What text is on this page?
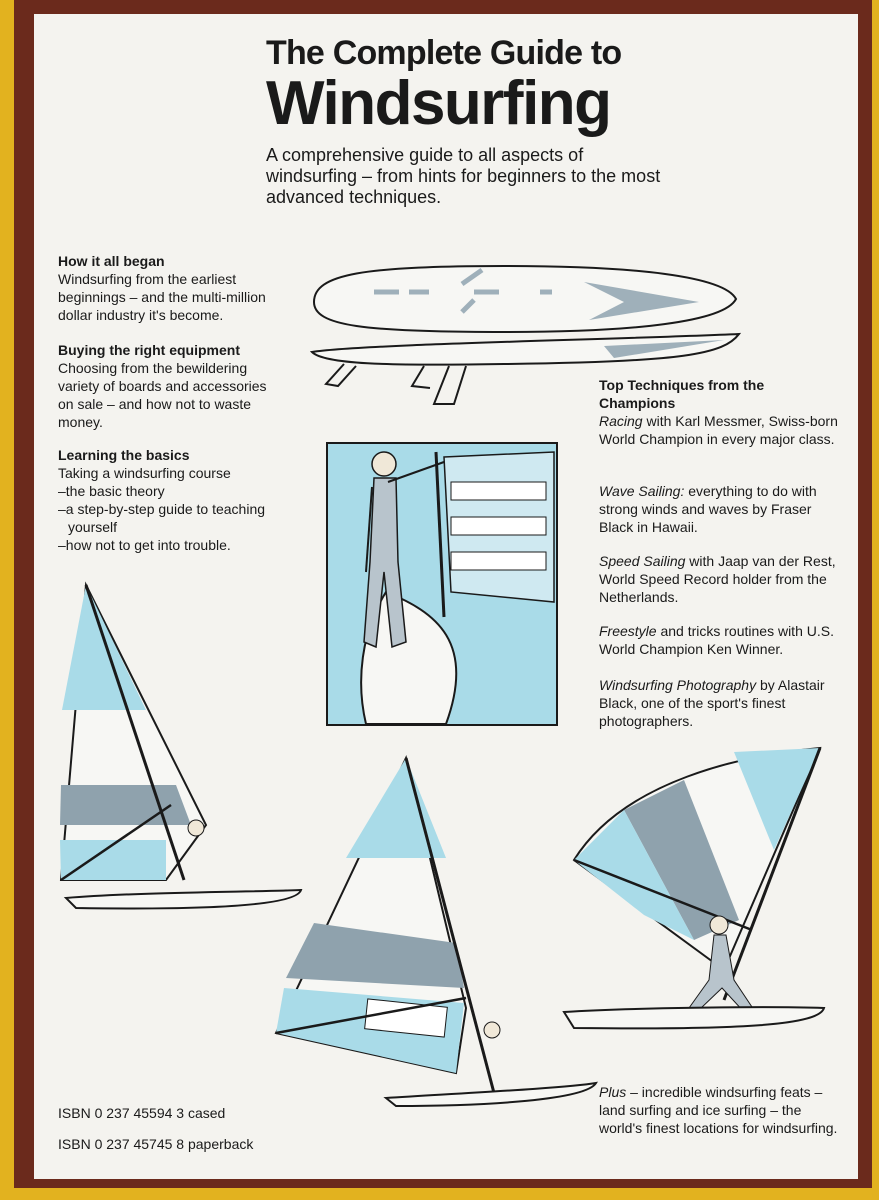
The Complete Guide to
Windsurfing
A comprehensive guide to all aspects of windsurfing – from hints for beginners to the most advanced techniques.
How it all began

Windsurfing from the earliest

beginnings – and the multi-million

dollar industry it's become.

Buying the right equipment

Choosing from the bewildering

variety of boards and accessories

on sale – and how not to waste

money.

Learning the basics

Taking a windsurfing course

–the basic theory

–a step-by-step guide to teaching

yourself

–how not to get into trouble.

Top Techniques from the

Champions

Racing with Karl Messmer, Swiss-born World Champion in every major class.

Wave Sailing: everything to do with strong winds and waves by Fraser Black in Hawaii.

Speed Sailing with Jaap van der Rest, World Speed Record holder from the Netherlands.

Freestyle and tricks routines with U.S. World Champion Ken Winner.

Windsurfing Photography by Alastair Black, one of the sport's finest photographers.

Plus – incredible windsurfing feats – land surfing and ice surfing – the world's finest locations for windsurfing.

ISBN 0 237 45594 3 cased
ISBN 0 237 45745 8 paperback
